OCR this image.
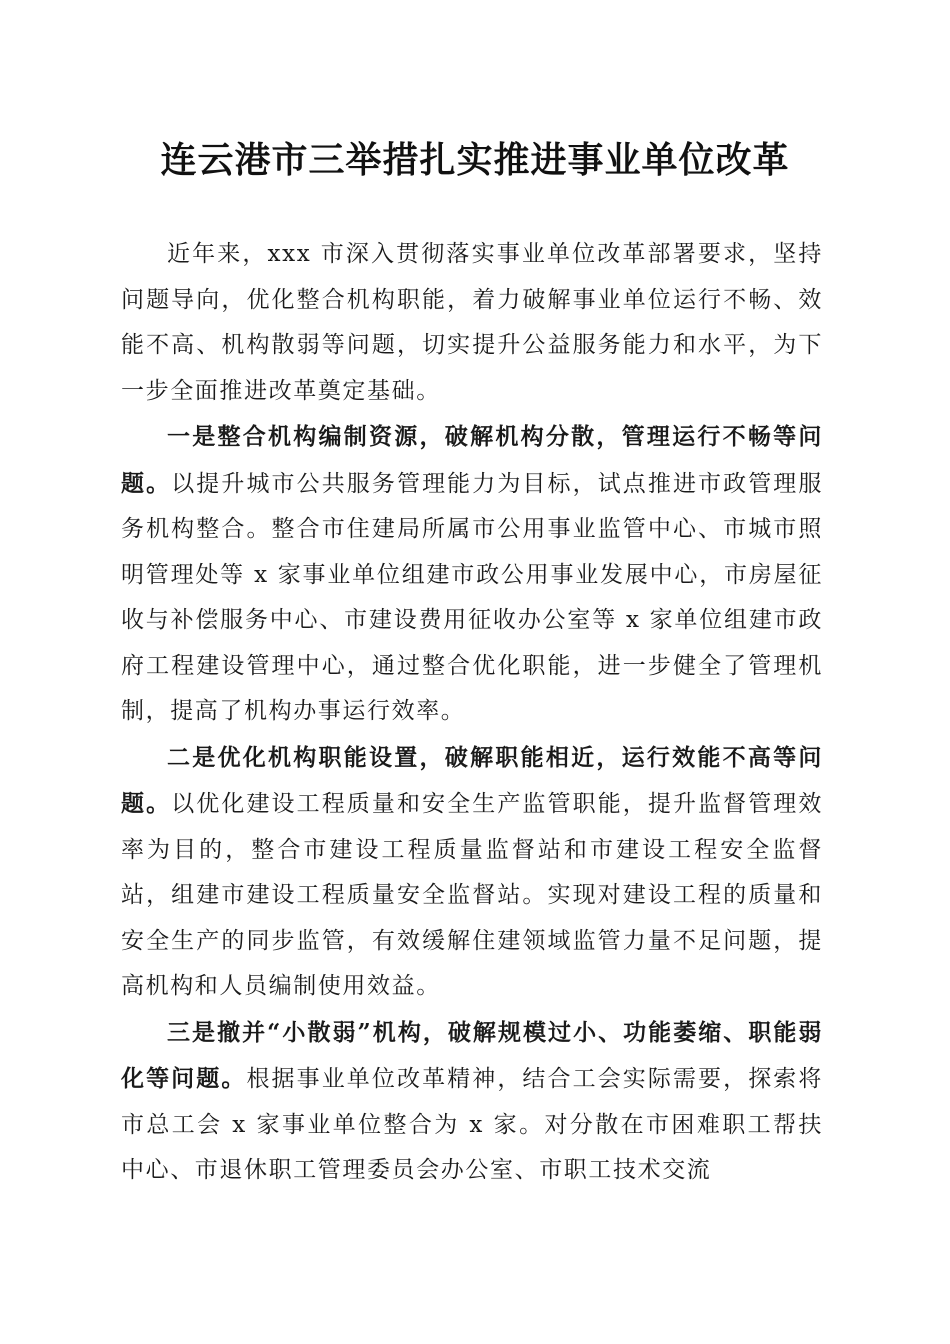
连云港市三举措扎实推进事业单位改革

近年来，xxx 市深入贯彻落实事业单位改革部署要求，坚持问题导向，优化整合机构职能，着力破解事业单位运行不畅、效能不高、机构散弱等问题，切实提升公益服务能力和水平，为下一步全面推进改革奠定基础。

一是整合机构编制资源，破解机构分散，管理运行不畅等问题。以提升城市公共服务管理能力为目标，试点推进市政管理服务机构整合。整合市住建局所属市公用事业监管中心、市城市照明管理处等 x 家事业单位组建市政公用事业发展中心，市房屋征收与补偿服务中心、市建设费用征收办公室等 x 家单位组建市政府工程建设管理中心，通过整合优化职能，进一步健全了管理机制，提高了机构办事运行效率。

二是优化机构职能设置，破解职能相近，运行效能不高等问题。以优化建设工程质量和安全生产监管职能，提升监督管理效率为目的，整合市建设工程质量监督站和市建设工程安全监督站，组建市建设工程质量安全监督站。实现对建设工程的质量和安全生产的同步监管，有效缓解住建领域监管力量不足问题，提高机构和人员编制使用效益。

三是撤并“小散弱”机构，破解规模过小、功能萎缩、职能弱化等问题。根据事业单位改革精神，结合工会实际需要，探索将市总工会 x 家事业单位整合为 x 家。对分散在市困难职工帮扶中心、市退休职工管理委员会办公室、市职工技术交流
